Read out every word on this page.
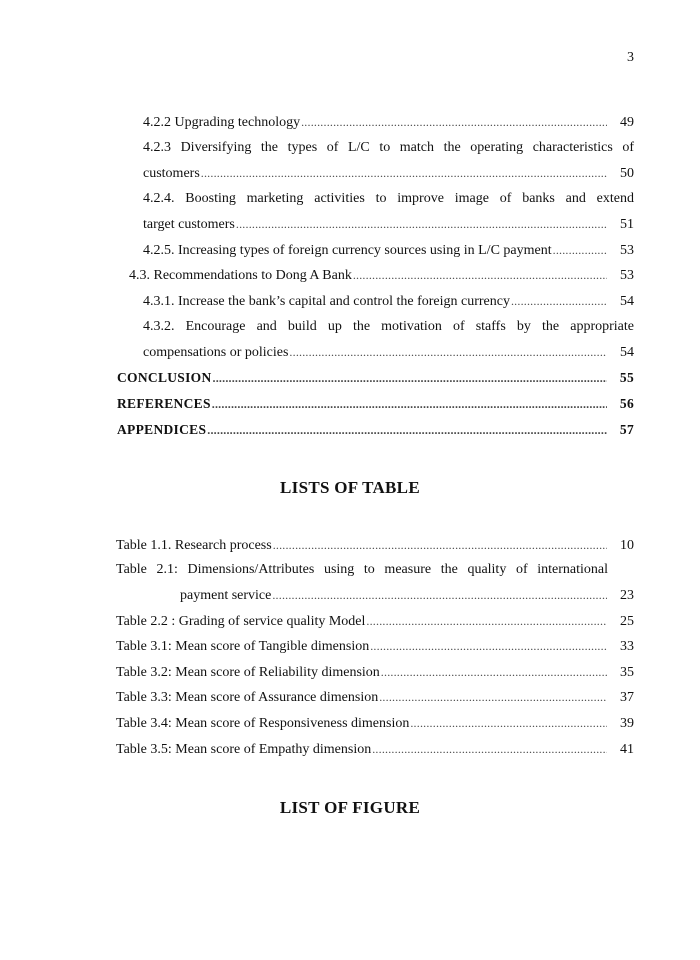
3
4.2.2 Upgrading technology .....	49
4.2.3 Diversifying the types of L/C to match the operating characteristics of
customers .....	50
4.2.4. Boosting marketing activities to improve image of banks and extend
target customers .....	51
4.2.5. Increasing types of foreign currency sources using in L/C payment .....	53
4.3. Recommendations to Dong A Bank .....	53
4.3.1. Increase the bank’s capital and control the foreign currency .....	54
4.3.2. Encourage and build up the motivation of staffs by the appropriate
compensations or policies .....	54
CONCLUSION .....	55
REFERENCES .....	56
APPENDICES .....	57
LISTS OF TABLE
Table 1.1. Research process .....	10
Table 2.1: Dimensions/Attributes using to measure the quality of international
payment service .....	23
Table 2.2 : Grading of service quality Model .....	25
Table 3.1: Mean score of Tangible dimension .....	33
Table 3.2: Mean score of Reliability dimension .....	35
Table 3.3: Mean score of Assurance dimension .....	37
Table 3.4: Mean score of Responsiveness dimension .....	39
Table 3.5: Mean score of Empathy dimension .....	41
LIST OF FIGURE
